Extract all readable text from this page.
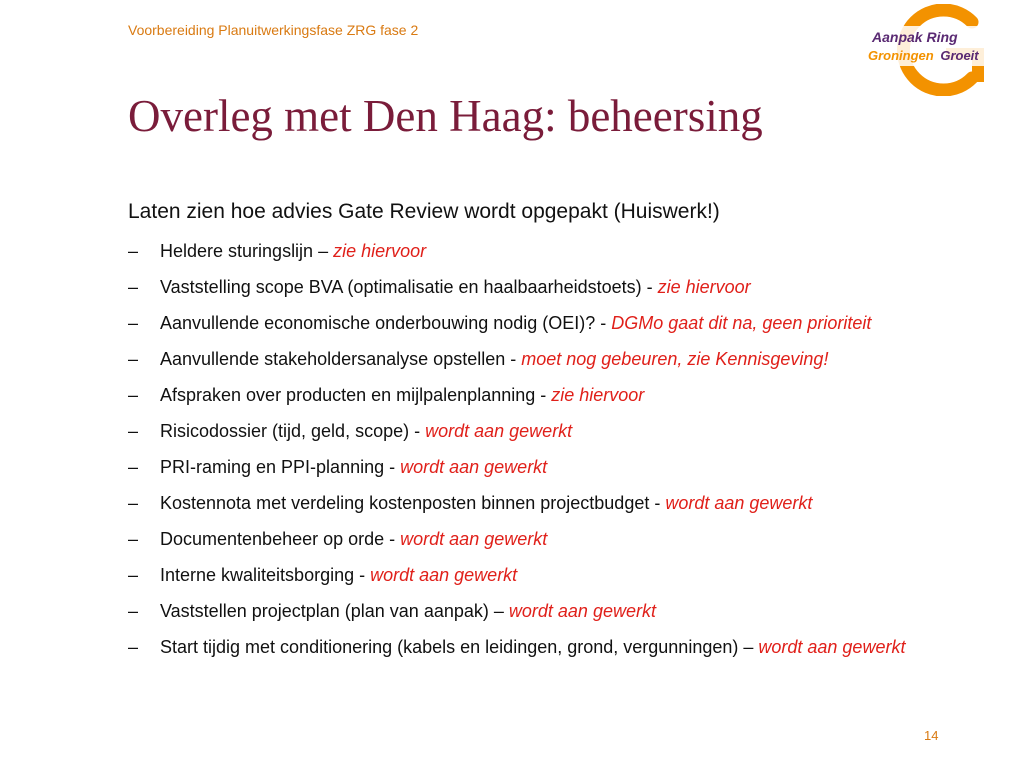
Voorbereiding Planuitwerkingsfase ZRG fase 2	Aanpak Ring
Groningen Groeit
Overleg met Den Haag: beheersing
Laten zien hoe advies Gate Review wordt opgepakt (Huiswerk!)
– Heldere sturingslijn – zie hiervoor
– Vaststelling scope BVA (optimalisatie en haalbaarheidstoets) - zie hiervoor
– Aanvullende economische onderbouwing nodig (OEI)? - DGMo gaat dit na, geen prioriteit
– Aanvullende stakeholdersanalyse opstellen - moet nog gebeuren, zie Kennisgeving!
– Afspraken over producten en mijlpalenplanning - zie hiervoor
– Risicodossier (tijd, geld, scope) - wordt aan gewerkt
– PRI-raming en PPI-planning - wordt aan gewerkt
– Kostennota met verdeling kostenposten binnen projectbudget - wordt aan gewerkt
– Documentenbeheer op orde - wordt aan gewerkt
– Interne kwaliteitsborging - wordt aan gewerkt
– Vaststellen projectplan (plan van aanpak) – wordt aan gewerkt
– Start tijdig met conditionering (kabels en leidingen, grond, vergunningen) – wordt aan gewerkt
14
